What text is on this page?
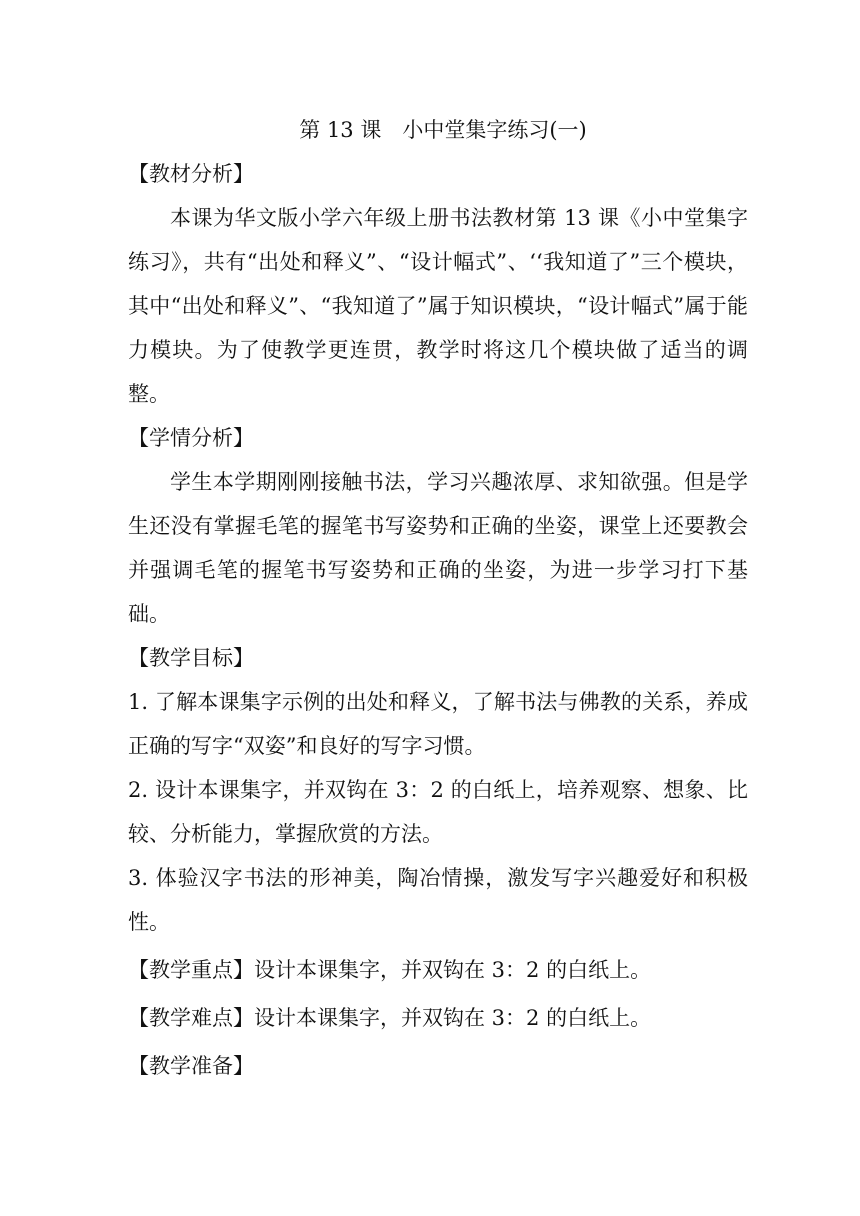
第 13 课　小中堂集字练习(一)
【教材分析】

本课为华文版小学六年级上册书法教材第 13 课《小中堂集字练习》，共有“出处和释义”、“设计幅式”、‘‘我知道了”三个模块，其中“出处和释义”、“我知道了”属于知识模块，“设计幅式”属于能力模块。为了使教学更连贯，教学时将这几个模块做了适当的调整。

【学情分析】

学生本学期刚刚接触书法，学习兴趣浓厚、求知欲强。但是学生还没有掌握毛笔的握笔书写姿势和正确的坐姿，课堂上还要教会并强调毛笔的握笔书写姿势和正确的坐姿，为进一步学习打下基础。

【教学目标】

1. 了解本课集字示例的出处和释义，了解书法与佛教的关系，养成正确的写字“双姿”和良好的写字习惯。

2. 设计本课集字，并双钩在 3：2 的白纸上，培养观察、想象、比较、分析能力，掌握欣赏的方法。

3. 体验汉字书法的形神美，陶冶情操，激发写字兴趣爱好和积极性。

【教学重点】设计本课集字，并双钩在 3：2 的白纸上。

【教学难点】设计本课集字，并双钩在 3：2 的白纸上。

【教学准备】
